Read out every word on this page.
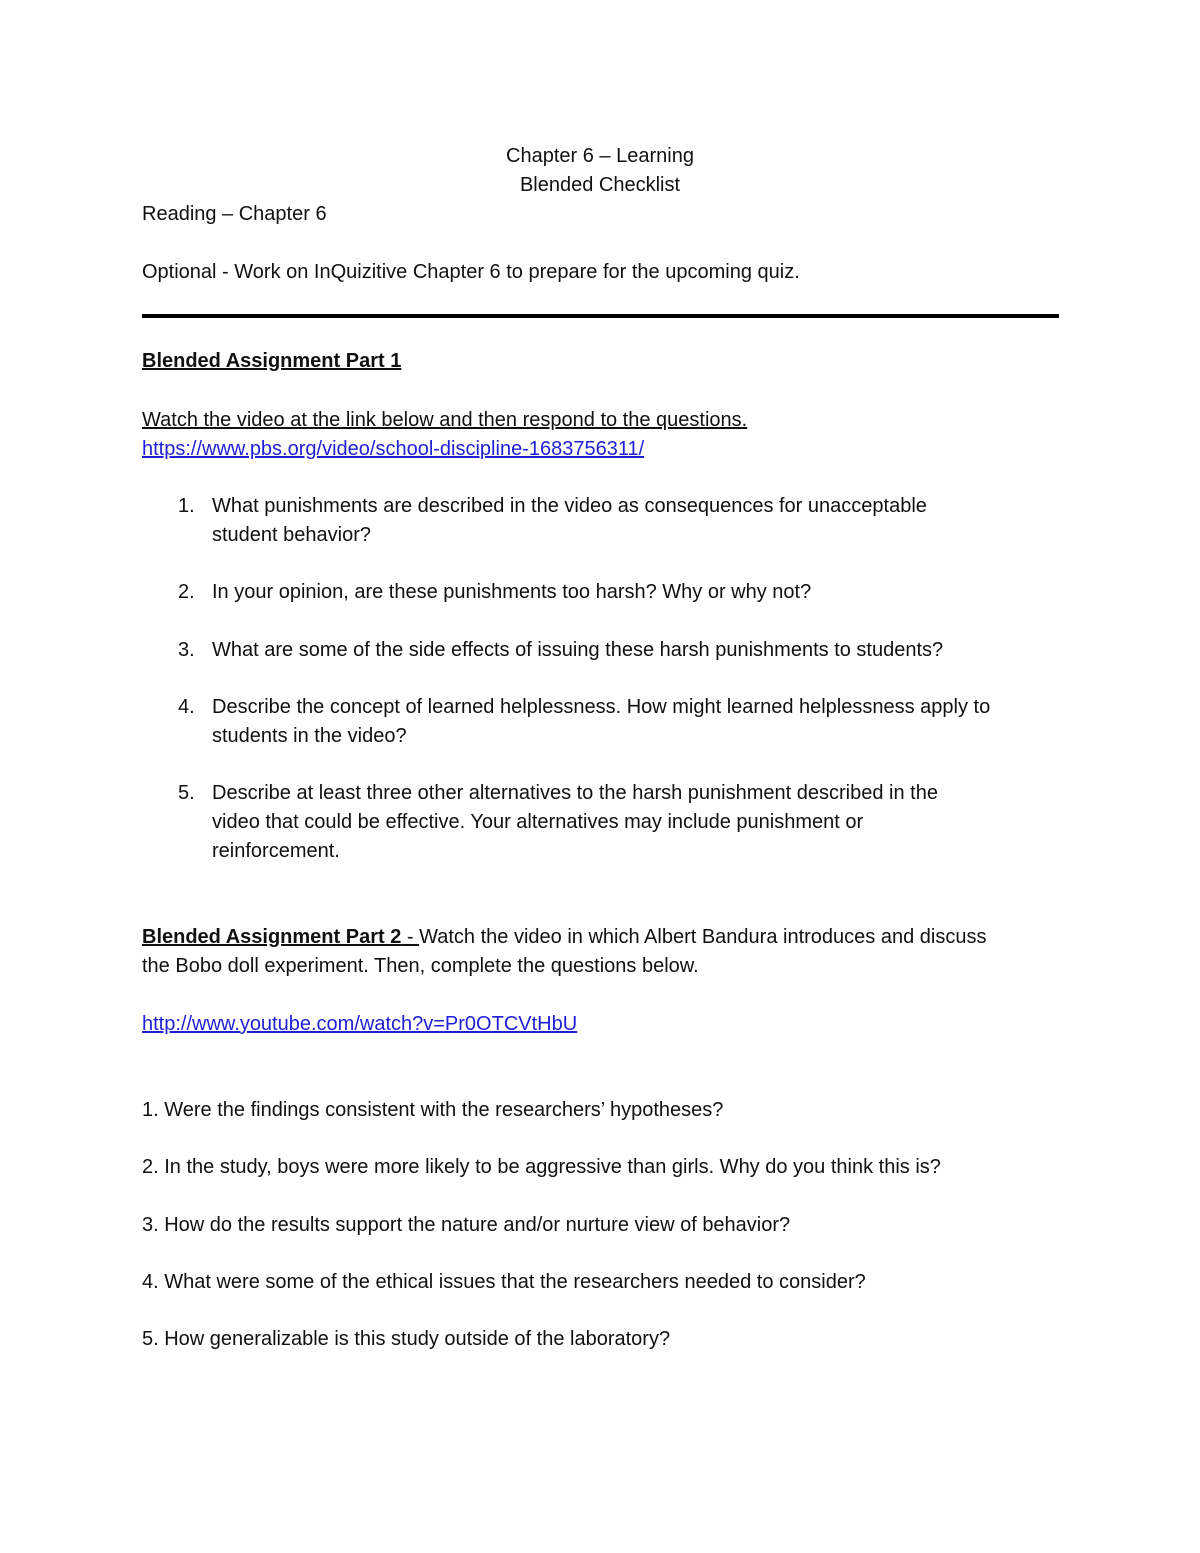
Chapter 6 – Learning
Blended Checklist
Reading – Chapter 6
Optional - Work on InQuizitive Chapter 6 to prepare for the upcoming quiz.
Blended Assignment Part 1
Watch the video at the link below and then respond to the questions.
https://www.pbs.org/video/school-discipline-1683756311/
1. What punishments are described in the video as consequences for unacceptable
student behavior?
2. In your opinion, are these punishments too harsh? Why or why not?
3. What are some of the side effects of issuing these harsh punishments to students?
4. Describe the concept of learned helplessness. How might learned helplessness apply to
students in the video?
5. Describe at least three other alternatives to the harsh punishment described in the
video that could be effective. Your alternatives may include punishment or
reinforcement.
Blended Assignment Part 2 - Watch the video in which Albert Bandura introduces and discuss
the Bobo doll experiment. Then, complete the questions below.
http://www.youtube.com/watch?v=Pr0OTCVtHbU
1. Were the findings consistent with the researchers’ hypotheses?
2. In the study, boys were more likely to be aggressive than girls. Why do you think this is?
3. How do the results support the nature and/or nurture view of behavior?
4. What were some of the ethical issues that the researchers needed to consider?
5. How generalizable is this study outside of the laboratory?
